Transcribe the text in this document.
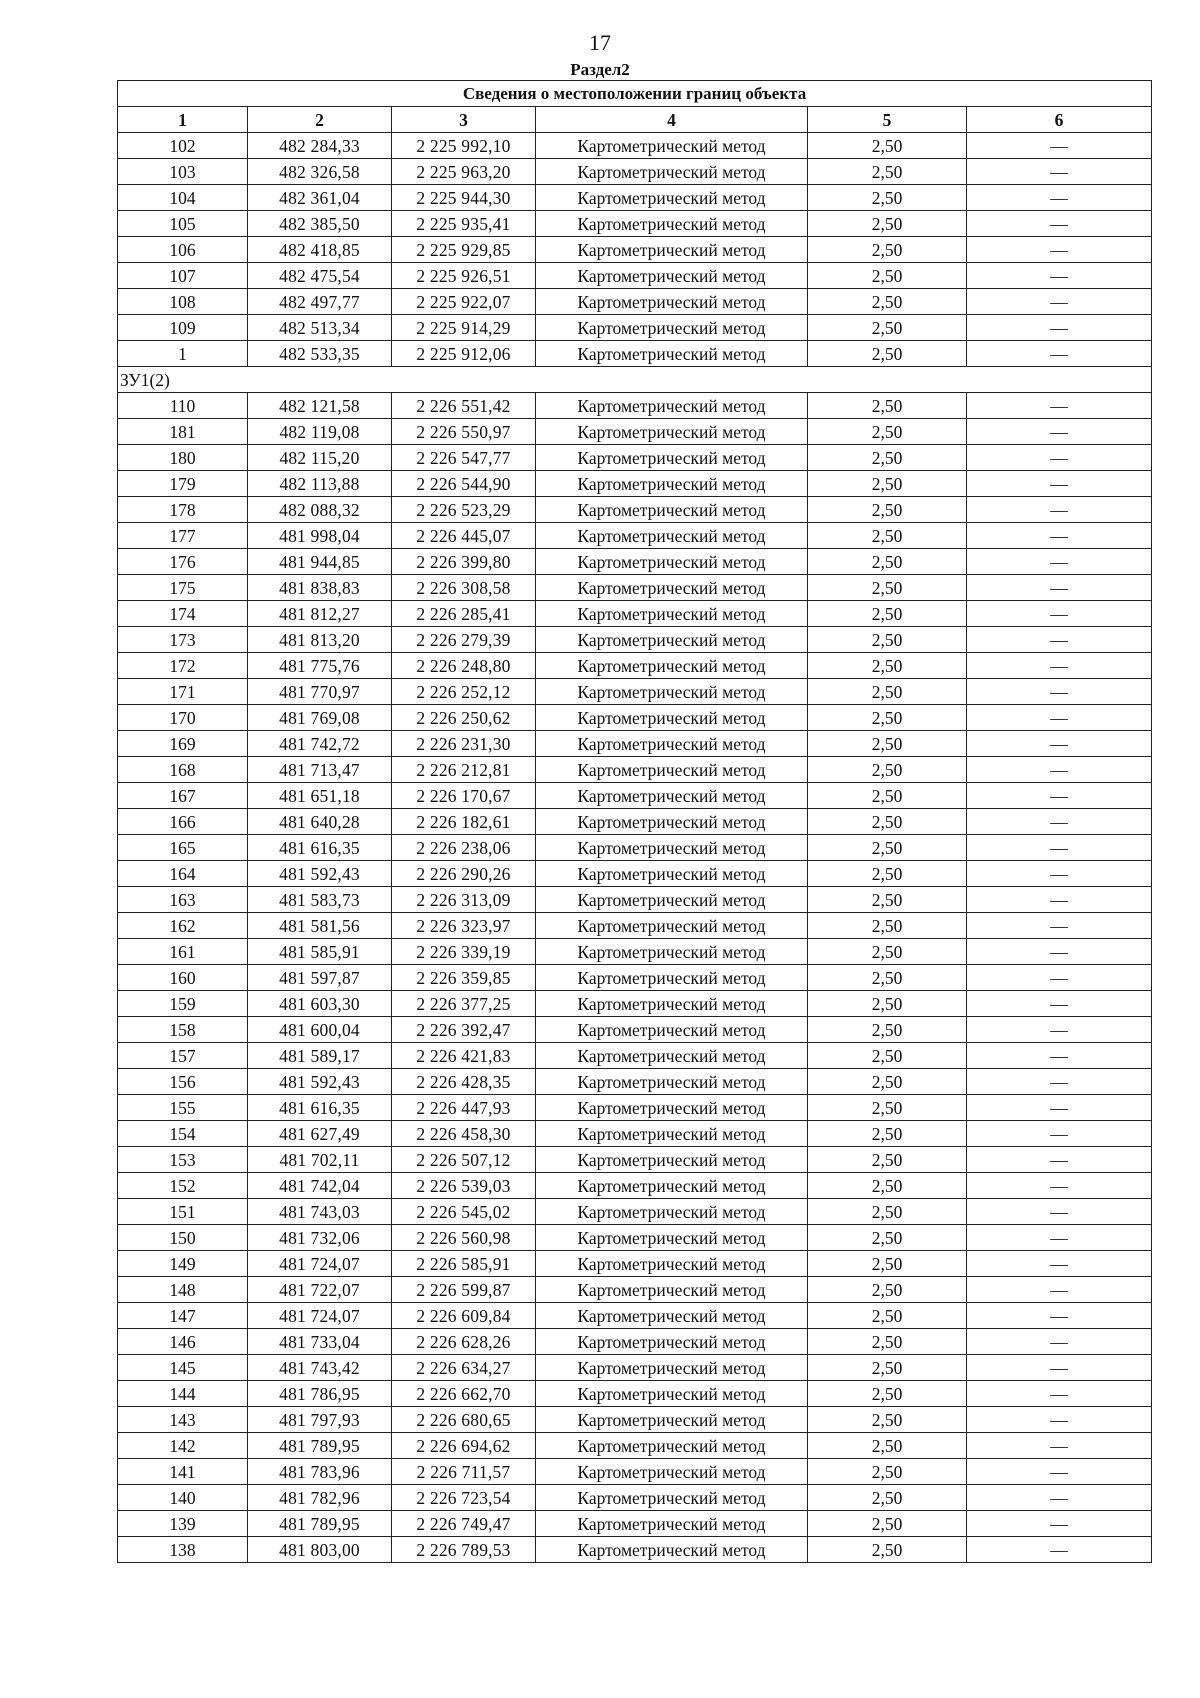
17
Раздел2
Сведения о местоположении границ объекта					
1	2	3	4	5	6
102	482 284,33	2 225 992,10	Картометрический метод	2,50	—
103	482 326,58	2 225 963,20	Картометрический метод	2,50	—
104	482 361,04	2 225 944,30	Картометрический метод	2,50	—
105	482 385,50	2 225 935,41	Картометрический метод	2,50	—
106	482 418,85	2 225 929,85	Картометрический метод	2,50	—
107	482 475,54	2 225 926,51	Картометрический метод	2,50	—
108	482 497,77	2 225 922,07	Картометрический метод	2,50	—
109	482 513,34	2 225 914,29	Картометрический метод	2,50	—
1	482 533,35	2 225 912,06	Картометрический метод	2,50	—
ЗУ1(2)					
110	482 121,58	2 226 551,42	Картометрический метод	2,50	—
181	482 119,08	2 226 550,97	Картометрический метод	2,50	—
180	482 115,20	2 226 547,77	Картометрический метод	2,50	—
179	482 113,88	2 226 544,90	Картометрический метод	2,50	—
178	482 088,32	2 226 523,29	Картометрический метод	2,50	—
177	481 998,04	2 226 445,07	Картометрический метод	2,50	—
176	481 944,85	2 226 399,80	Картометрический метод	2,50	—
175	481 838,83	2 226 308,58	Картометрический метод	2,50	—
174	481 812,27	2 226 285,41	Картометрический метод	2,50	—
173	481 813,20	2 226 279,39	Картометрический метод	2,50	—
172	481 775,76	2 226 248,80	Картометрический метод	2,50	—
171	481 770,97	2 226 252,12	Картометрический метод	2,50	—
170	481 769,08	2 226 250,62	Картометрический метод	2,50	—
169	481 742,72	2 226 231,30	Картометрический метод	2,50	—
168	481 713,47	2 226 212,81	Картометрический метод	2,50	—
167	481 651,18	2 226 170,67	Картометрический метод	2,50	—
166	481 640,28	2 226 182,61	Картометрический метод	2,50	—
165	481 616,35	2 226 238,06	Картометрический метод	2,50	—
164	481 592,43	2 226 290,26	Картометрический метод	2,50	—
163	481 583,73	2 226 313,09	Картометрический метод	2,50	—
162	481 581,56	2 226 323,97	Картометрический метод	2,50	—
161	481 585,91	2 226 339,19	Картометрический метод	2,50	—
160	481 597,87	2 226 359,85	Картометрический метод	2,50	—
159	481 603,30	2 226 377,25	Картометрический метод	2,50	—
158	481 600,04	2 226 392,47	Картометрический метод	2,50	—
157	481 589,17	2 226 421,83	Картометрический метод	2,50	—
156	481 592,43	2 226 428,35	Картометрический метод	2,50	—
155	481 616,35	2 226 447,93	Картометрический метод	2,50	—
154	481 627,49	2 226 458,30	Картометрический метод	2,50	—
153	481 702,11	2 226 507,12	Картометрический метод	2,50	—
152	481 742,04	2 226 539,03	Картометрический метод	2,50	—
151	481 743,03	2 226 545,02	Картометрический метод	2,50	—
150	481 732,06	2 226 560,98	Картометрический метод	2,50	—
149	481 724,07	2 226 585,91	Картометрический метод	2,50	—
148	481 722,07	2 226 599,87	Картометрический метод	2,50	—
147	481 724,07	2 226 609,84	Картометрический метод	2,50	—
146	481 733,04	2 226 628,26	Картометрический метод	2,50	—
145	481 743,42	2 226 634,27	Картометрический метод	2,50	—
144	481 786,95	2 226 662,70	Картометрический метод	2,50	—
143	481 797,93	2 226 680,65	Картометрический метод	2,50	—
142	481 789,95	2 226 694,62	Картометрический метод	2,50	—
141	481 783,96	2 226 711,57	Картометрический метод	2,50	—
140	481 782,96	2 226 723,54	Картометрический метод	2,50	—
139	481 789,95	2 226 749,47	Картометрический метод	2,50	—
138	481 803,00	2 226 789,53	Картометрический метод	2,50	—
